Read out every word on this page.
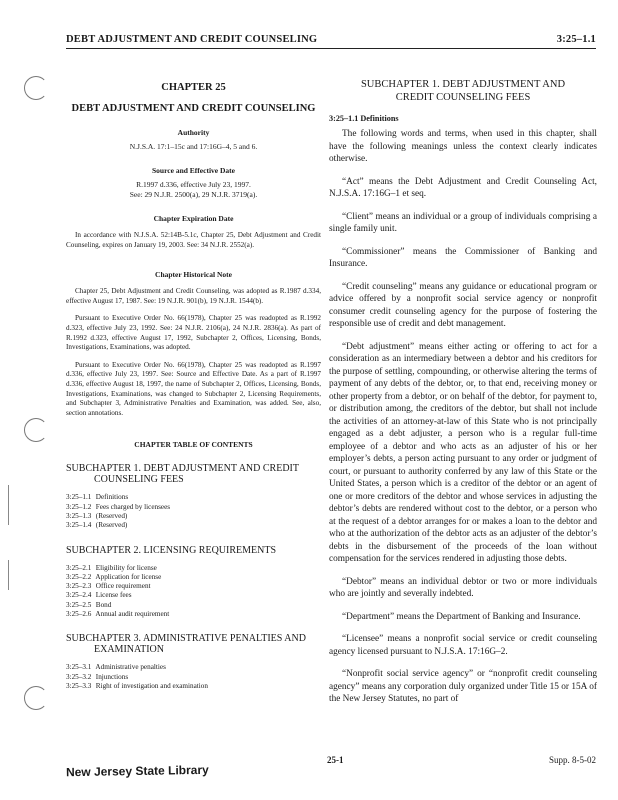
DEBT ADJUSTMENT AND CREDIT COUNSELING	3:25–1.1
CHAPTER 25
DEBT ADJUSTMENT AND CREDIT COUNSELING
Authority
N.J.S.A. 17:1–15c and 17:16G–4, 5 and 6.
Source and Effective Date
R.1997 d.336, effective July 23, 1997.
See: 29 N.J.R. 2500(a), 29 N.J.R. 3719(a).
Chapter Expiration Date

In accordance with N.J.S.A. 52:14B-5.1c, Chapter 25, Debt Adjustment and Credit Counseling, expires on January 19, 2003. See: 34 N.J.R. 2552(a).

Chapter Historical Note

Chapter 25, Debt Adjustment and Credit Counseling, was adopted as R.1987 d.334, effective August 17, 1987. See: 19 N.J.R. 901(b), 19 N.J.R. 1544(b).

Pursuant to Executive Order No. 66(1978), Chapter 25 was readopted as R.1992 d.323, effective July 23, 1992. See: 24 N.J.R. 2106(a), 24 N.J.R. 2836(a). As part of R.1992 d.323, effective August 17, 1992, Subchapter 2, Offices, Licensing, Bonds, Investigations, Examinations, was adopted.

Pursuant to Executive Order No. 66(1978), Chapter 25 was readopted as R.1997 d.336, effective July 23, 1997. See: Source and Effective Date. As a part of R.1997 d.336, effective August 18, 1997, the name of Subchapter 2, Offices, Licensing, Bonds, Investigations, Examinations, was changed to Subchapter 2, Licensing Requirements, and Subchapter 3, Administrative Penalties and Examination, was added. See, also, section annotations.

CHAPTER TABLE OF CONTENTS
SUBCHAPTER 1. DEBT ADJUSTMENT AND CREDIT
COUNSELING FEES
3:25–1.1 Definitions
3:25–1.2 Fees charged by licensees
3:25–1.3 (Reserved)
3:25–1.4 (Reserved)
SUBCHAPTER 2. LICENSING REQUIREMENTS
3:25–2.1 Eligibility for license
3:25–2.2 Application for license
3:25–2.3 Office requirement
3:25–2.4 License fees
3:25–2.5 Bond
3:25–2.6 Annual audit requirement
SUBCHAPTER 3. ADMINISTRATIVE PENALTIES AND
EXAMINATION
3:25–3.1 Administrative penalties
3:25–3.2 Injunctions
3:25–3.3 Right of investigation and examination
SUBCHAPTER 1. DEBT ADJUSTMENT AND
CREDIT COUNSELING FEES
3:25–1.1 Definitions

The following words and terms, when used in this chapter, shall have the following meanings unless the context clearly indicates otherwise.

“Act” means the Debt Adjustment and Credit Counseling Act, N.J.S.A. 17:16G–1 et seq.

“Client” means an individual or a group of individuals comprising a single family unit.

“Commissioner” means the Commissioner of Banking and Insurance.

“Credit counseling” means any guidance or educational program or advice offered by a nonprofit social service agency or nonprofit consumer credit counseling agency for the purpose of fostering the responsible use of credit and debt management.

“Debt adjustment” means either acting or offering to act for a consideration as an intermediary between a debtor and his creditors for the purpose of settling, compounding, or otherwise altering the terms of payment of any debts of the debtor, or, to that end, receiving money or other property from a debtor, or on behalf of the debtor, for payment to, or distribution among, the creditors of the debtor, but shall not include the activities of an attorney-at-law of this State who is not principally engaged as a debt adjuster, a person who is a regular full-time employee of a debtor and who acts as an adjuster of his or her employer’s debts, a person acting pursuant to any order or judgment of court, or pursuant to authority conferred by any law of this State or the United States, a person which is a creditor of the debtor or an agent of one or more creditors of the debtor and whose services in adjusting the debtor’s debts are rendered without cost to the debtor, or a person who at the request of a debtor arranges for or makes a loan to the debtor and who at the authorization of the debtor acts as an adjuster of the debtor’s debts in the disbursement of the proceeds of the loan without compensation for the services rendered in adjusting those debts.

“Debtor” means an individual debtor or two or more individuals who are jointly and severally indebted.

“Department” means the Department of Banking and Insurance.

“Licensee” means a nonprofit social service or credit counseling agency licensed pursuant to N.J.S.A. 17:16G–2.

“Nonprofit social service agency” or “nonprofit credit counseling agency” means any corporation duly organized under Title 15 or 15A of the New Jersey Statutes, no part of

New Jersey State Library
25-1	Supp. 8-5-02
